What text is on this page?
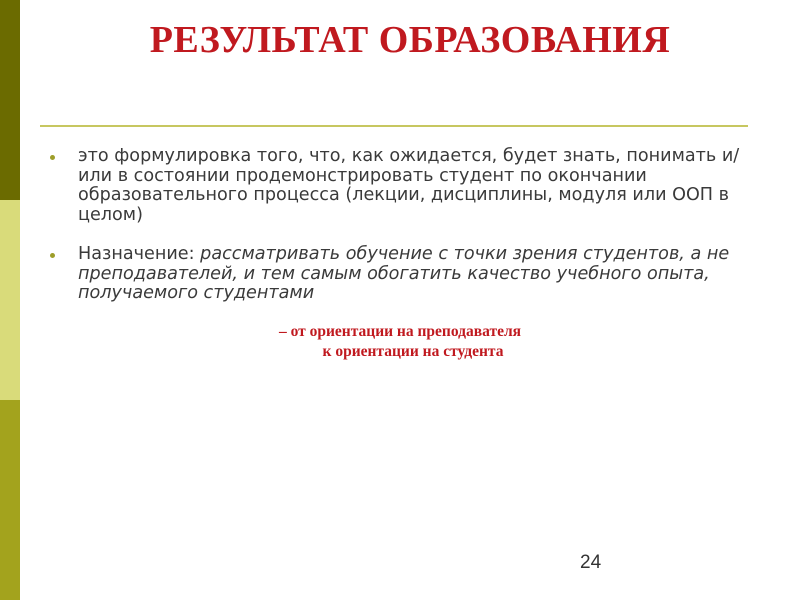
РЕЗУЛЬТАТ ОБРАЗОВАНИЯ
это формулировка того, что, как ожидается, будет знать, понимать и/или в состоянии продемонстрировать студент по окончании образовательного процесса (лекции, дисциплины, модуля или ООП в целом)
Назначение: рассматривать обучение с точки зрения студентов, а не преподавателей, и тем самым обогатить качество учебного опыта, получаемого студентами
– от ориентации на преподавателя
к ориентации на студента
24
